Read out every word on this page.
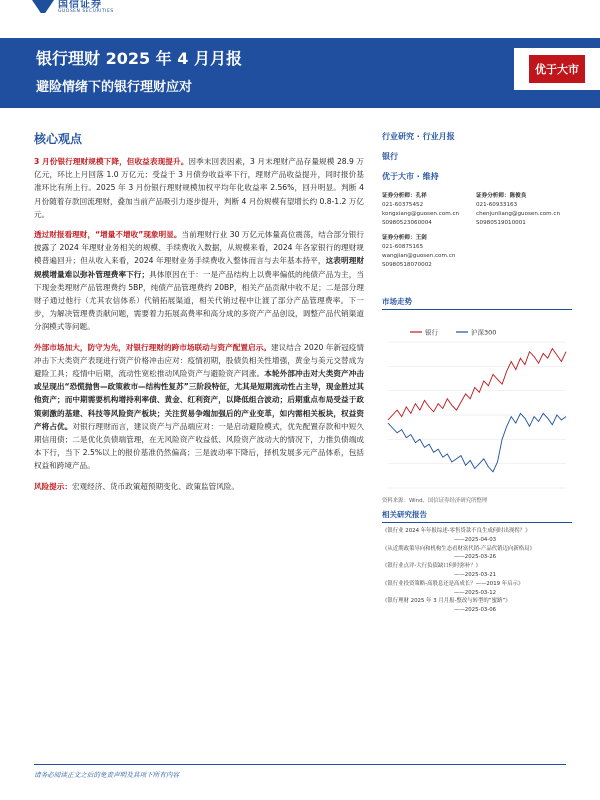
国信证券
GUOSEN SECURITIES
银行理财 2025 年 4 月月报
避险情绪下的银行理财应对
优于大市
核心观点

3 月份银行理财规模下降，但收益表现提升。因季末回表因素，3 月末理财产品存量规模 28.9 万亿元，环比上月回落 1.0 万亿元；受益于 3 月债券收益率下行，理财产品收益提升，同时报价基准环比有所上行。2025 年 3 月份银行理财规模加权平均年化收益率 2.56%，回升明显。判断 4 月份随着存款回流理财，叠加当前产品吸引力逐步提升，判断 4 月份规模有望增长约 0.8-1.2 万亿元。

透过财报看理财，“增量不增收”现象明显。当前理财行业 30 万亿元体量高位震荡，结合部分银行披露了 2024 年理财业务相关的规模、手续费收入数据，从规模来看，2024 年各家银行的理财规模普遍回升；但从收入来看，2024 年理财业务手续费收入整体而言与去年基本持平，这表明理财规模增量难以弥补管理费率下行；具体原因在于：一是产品结构上以费率偏低的纯债产品为主，当下现金类理财产品管理费约 5BP，纯债产品管理费约 20BP，相关产品贡献中收不足；二是部分理财子通过他行（尤其农信体系）代销拓展渠道，相关代销过程中让渡了部分产品管理费率。下一步，为解决管理费贡献问题，需要着力拓展高费率和高分成的多资产产品创设，调整产品代销渠道分润模式等问题。

外部市场加大，防守为先，对银行理财的跨市场联动与资产配置启示。建议结合 2020 年新冠疫情冲击下大类资产表现进行资产价格冲击应对：疫情初期，股债负相关性增强，黄金与美元交替成为避险工具；疫情中后期，流动性宽松推动风险资产与避险资产同涨。本轮外部冲击对大类资产冲击或呈现出“恐慌抛售—政策救市—结构性复苏”三阶段特征，尤其是短期流动性占主导，现金胜过其他资产；而中期需要机构增持利率债、黄金、红利资产，以降低组合波动；后期重点布局受益于政策刺激的基建、科技等风险资产板块；关注贸易争端加强后的产业变革，如内需相关板块，权益资产将占优。对银行理财而言，建议资产与产品端应对：一是启动避险模式，优先配置存款和中短久期信用债；二是优化负债端管理，在无风险资产收益低、风险资产波动大的情况下，力推负债端成本下行，当下 2.5%以上的报价基准仍然偏高；三是波动率下降后，择机发展多元产品体系，包括权益和跨境产品。

风险提示：宏观经济、货币政策超预期变化、政策监管风险。

行业研究 · 行业月报
银行
优于大市 · 维持
证券分析师：孔祥
021-60375452
kongxiang@guosen.com.cn
S0980523060004
证券分析师：陈俊良
021-60933163
chenjunliang@guosen.com.cn
S0980519010001
证券分析师：王剑
021-60875165
wangjian@guosen.com.cn
S0980518070002
市场走势
银行	沪深300
资料来源：Wind、国信证券经济研究所整理
相关研究报告
《银行业 2024 年年报综述-零售贷款不良生成何时出现拐？》
——2025-04-03
《从近期政策导向和机构生态看财富代销-产品代销迈向新格局》
——2025-03-26
《银行业点评-大行负债缺口何时弥补？》
——2025-03-21
《银行业投资策略-高股息还是高成长？——2019 年启示》
——2025-03-12
《银行理财 2025 年 3 月月报-整改与转型的“蜜路”》
——2025-03-06
请务必阅读正文之后的免责声明及其项下所有内容
